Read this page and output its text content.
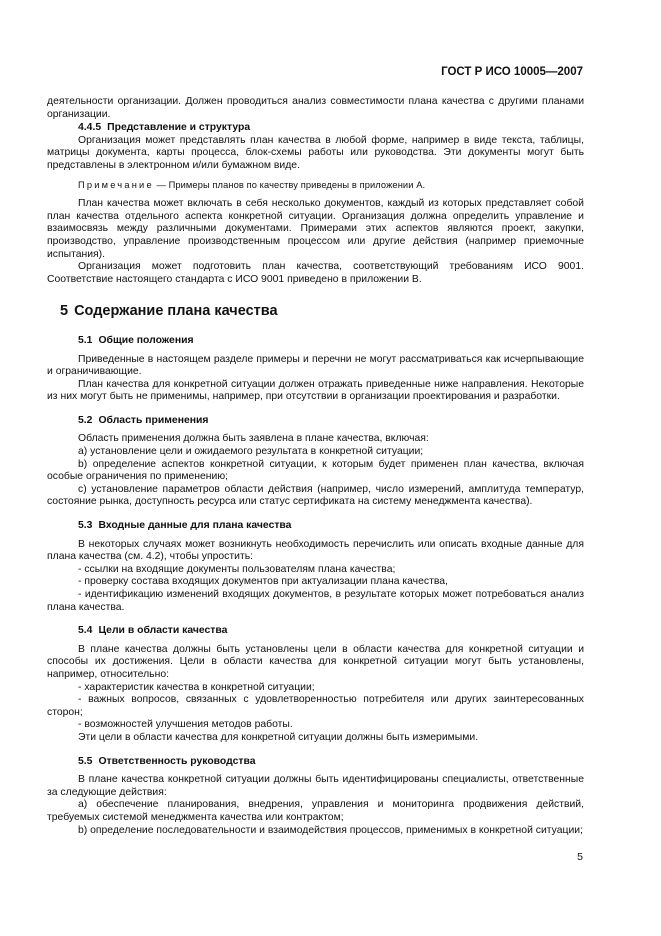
ГОСТ Р ИСО 10005—2007

деятельности организации. Должен проводиться анализ совместимости плана качества с другими планами организации.

4.4.5 Представление и структура

Организация может представлять план качества в любой форме, например в виде текста, таблицы, матрицы документа, карты процесса, блок-схемы работы или руководства. Эти документы могут быть представлены в электронном и/или бумажном виде.

Примечание — Примеры планов по качеству приведены в приложении А.

План качества может включать в себя несколько документов, каждый из которых представляет собой план качества отдельного аспекта конкретной ситуации. Организация должна определить управление и взаимосвязь между различными документами. Примерами этих аспектов являются проект, закупки, производство, управление производственным процессом или другие действия (например приемочные испытания).

Организация может подготовить план качества, соответствующий требованиям ИСО 9001. Соответствие настоящего стандарта с ИСО 9001 приведено в приложении В.

5 Содержание плана качества
5.1 Общие положения

Приведенные в настоящем разделе примеры и перечни не могут рассматриваться как исчерпывающие и ограничивающие.

План качества для конкретной ситуации должен отражать приведенные ниже направления. Некоторые из них могут быть не применимы, например, при отсутствии в организации проектирования и разработки.

5.2 Область применения

Область применения должна быть заявлена в плане качества, включая:

а) установление цели и ожидаемого результата в конкретной ситуации;

b) определение аспектов конкретной ситуации, к которым будет применен план качества, включая особые ограничения по применению;

c) установление параметров области действия (например, число измерений, амплитуда температур, состояние рынка, доступность ресурса или статус сертификата на систему менеджмента качества).

5.3 Входные данные для плана качества

В некоторых случаях может возникнуть необходимость перечислить или описать входные данные для плана качества (см. 4.2), чтобы упростить:

- ссылки на входящие документы пользователям плана качества;

- проверку состава входящих документов при актуализации плана качества,

- идентификацию изменений входящих документов, в результате которых может потребоваться анализ плана качества.

5.4 Цели в области качества

В плане качества должны быть установлены цели в области качества для конкретной ситуации и способы их достижения. Цели в области качества для конкретной ситуации могут быть установлены, например, относительно:

- характеристик качества в конкретной ситуации;

- важных вопросов, связанных с удовлетворенностью потребителя или других заинтересованных сторон;

- возможностей улучшения методов работы.

Эти цели в области качества для конкретной ситуации должны быть измеримыми.

5.5 Ответственность руководства

В плане качества конкретной ситуации должны быть идентифицированы специалисты, ответственные за следующие действия:

а) обеспечение планирования, внедрения, управления и мониторинга продвижения действий, требуемых системой менеджмента качества или контрактом;

b) определение последовательности и взаимодействия процессов, применимых в конкретной ситуации;

5
